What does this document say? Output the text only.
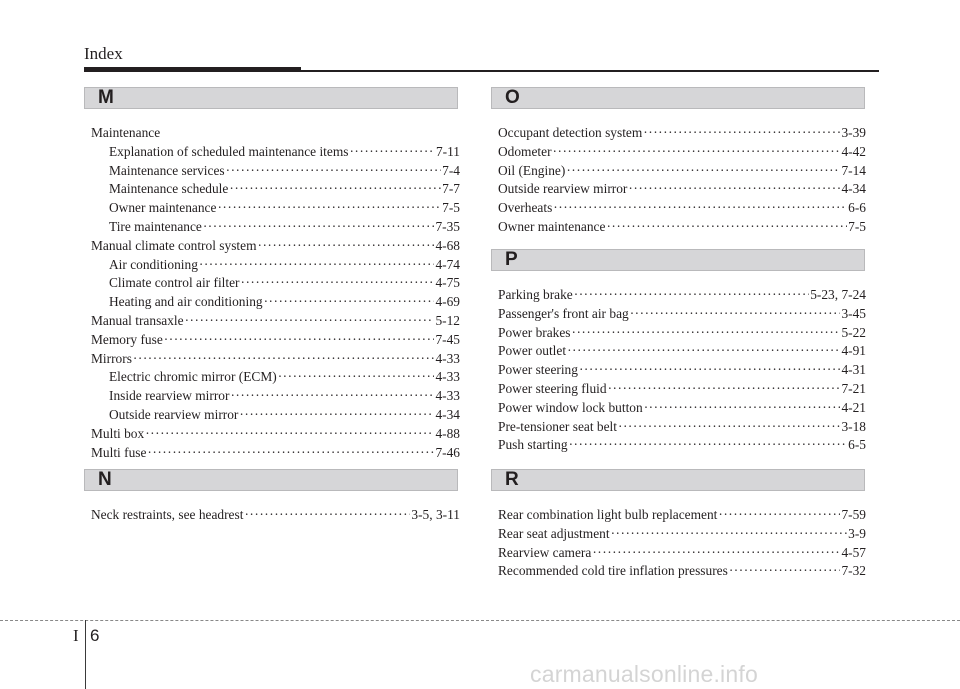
Index
M
Maintenance
Explanation of scheduled maintenance items ·····	7-11
Maintenance services ·····	7-4
Maintenance schedule ·····	7-7
Owner maintenance ·····	7-5
Tire maintenance ·····	7-35
Manual climate control system ·····	4-68
Air conditioning ·····	4-74
Climate control air filter ·····	4-75
Heating and air conditioning ·····	4-69
Manual transaxle ·····	5-12
Memory fuse ·····	7-45
Mirrors ·····	4-33
Electric chromic mirror (ECM) ·····	4-33
Inside rearview mirror ·····	4-33
Outside rearview mirror ·····	4-34
Multi box ·····	4-88
Multi fuse ·····	7-46
N
Neck restraints, see headrest ·····	3-5, 3-11
O
Occupant detection system ·····	3-39
Odometer ·····	4-42
Oil (Engine) ·····	7-14
Outside rearview mirror ·····	4-34
Overheats ·····	6-6
Owner maintenance ·····	7-5
P
Parking brake ·····	5-23, 7-24
Passenger's front air bag ·····	3-45
Power brakes ·····	5-22
Power outlet ·····	4-91
Power steering ·····	4-31
Power steering fluid ·····	7-21
Power window lock button ·····	4-21
Pre-tensioner seat belt ·····	3-18
Push starting ·····	6-5
R
Rear combination light bulb replacement ·····	7-59
Rear seat adjustment ·····	3-9
Rearview camera ·····	4-57
Recommended cold tire inflation pressures ·····	7-32
I 6
carmanualsonline.info
